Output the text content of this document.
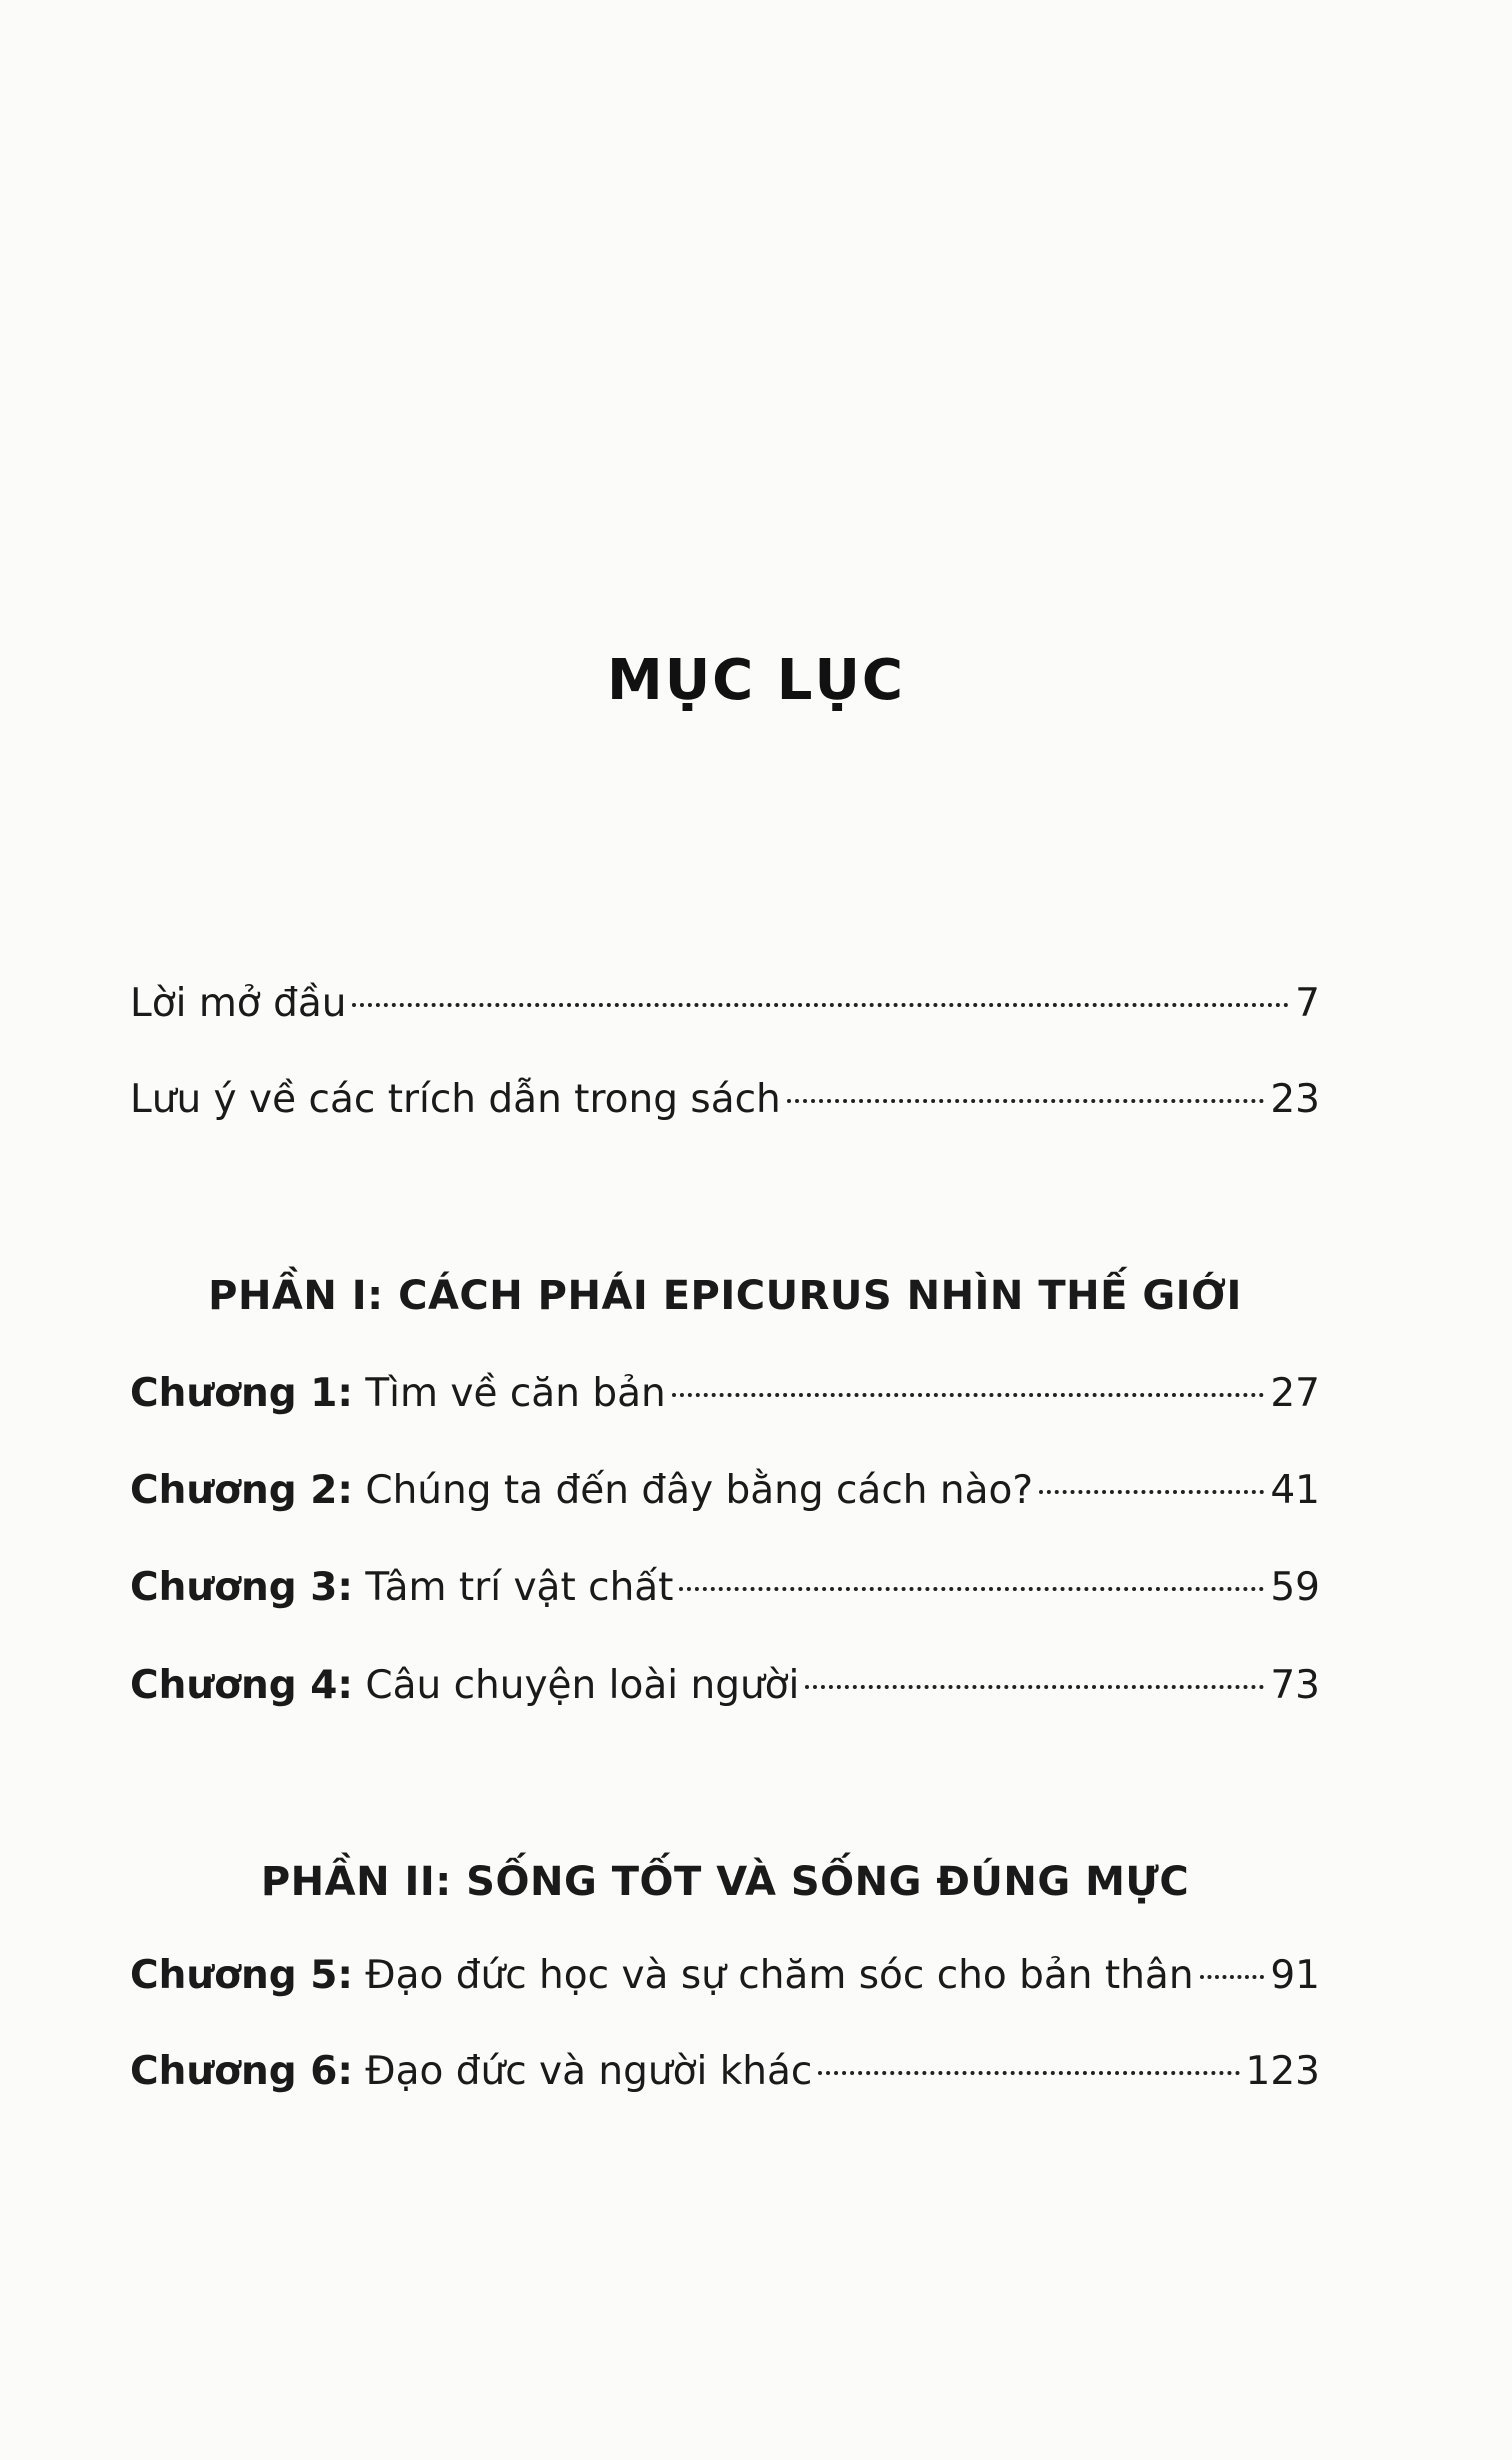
MỤC LỤC
Lời mở đầu	7
Lưu ý về các trích dẫn trong sách	23
PHẦN I: CÁCH PHÁI EPICURUS NHÌN THẾ GIỚI
Chương 1: Tìm về căn bản	27
Chương 2: Chúng ta đến đây bằng cách nào?	41
Chương 3: Tâm trí vật chất	59
Chương 4: Câu chuyện loài người	73
PHẦN II: SỐNG TỐT VÀ SỐNG ĐÚNG MỰC
Chương 5: Đạo đức học và sự chăm sóc cho bản thân 91
Chương 6: Đạo đức và người khác	123
